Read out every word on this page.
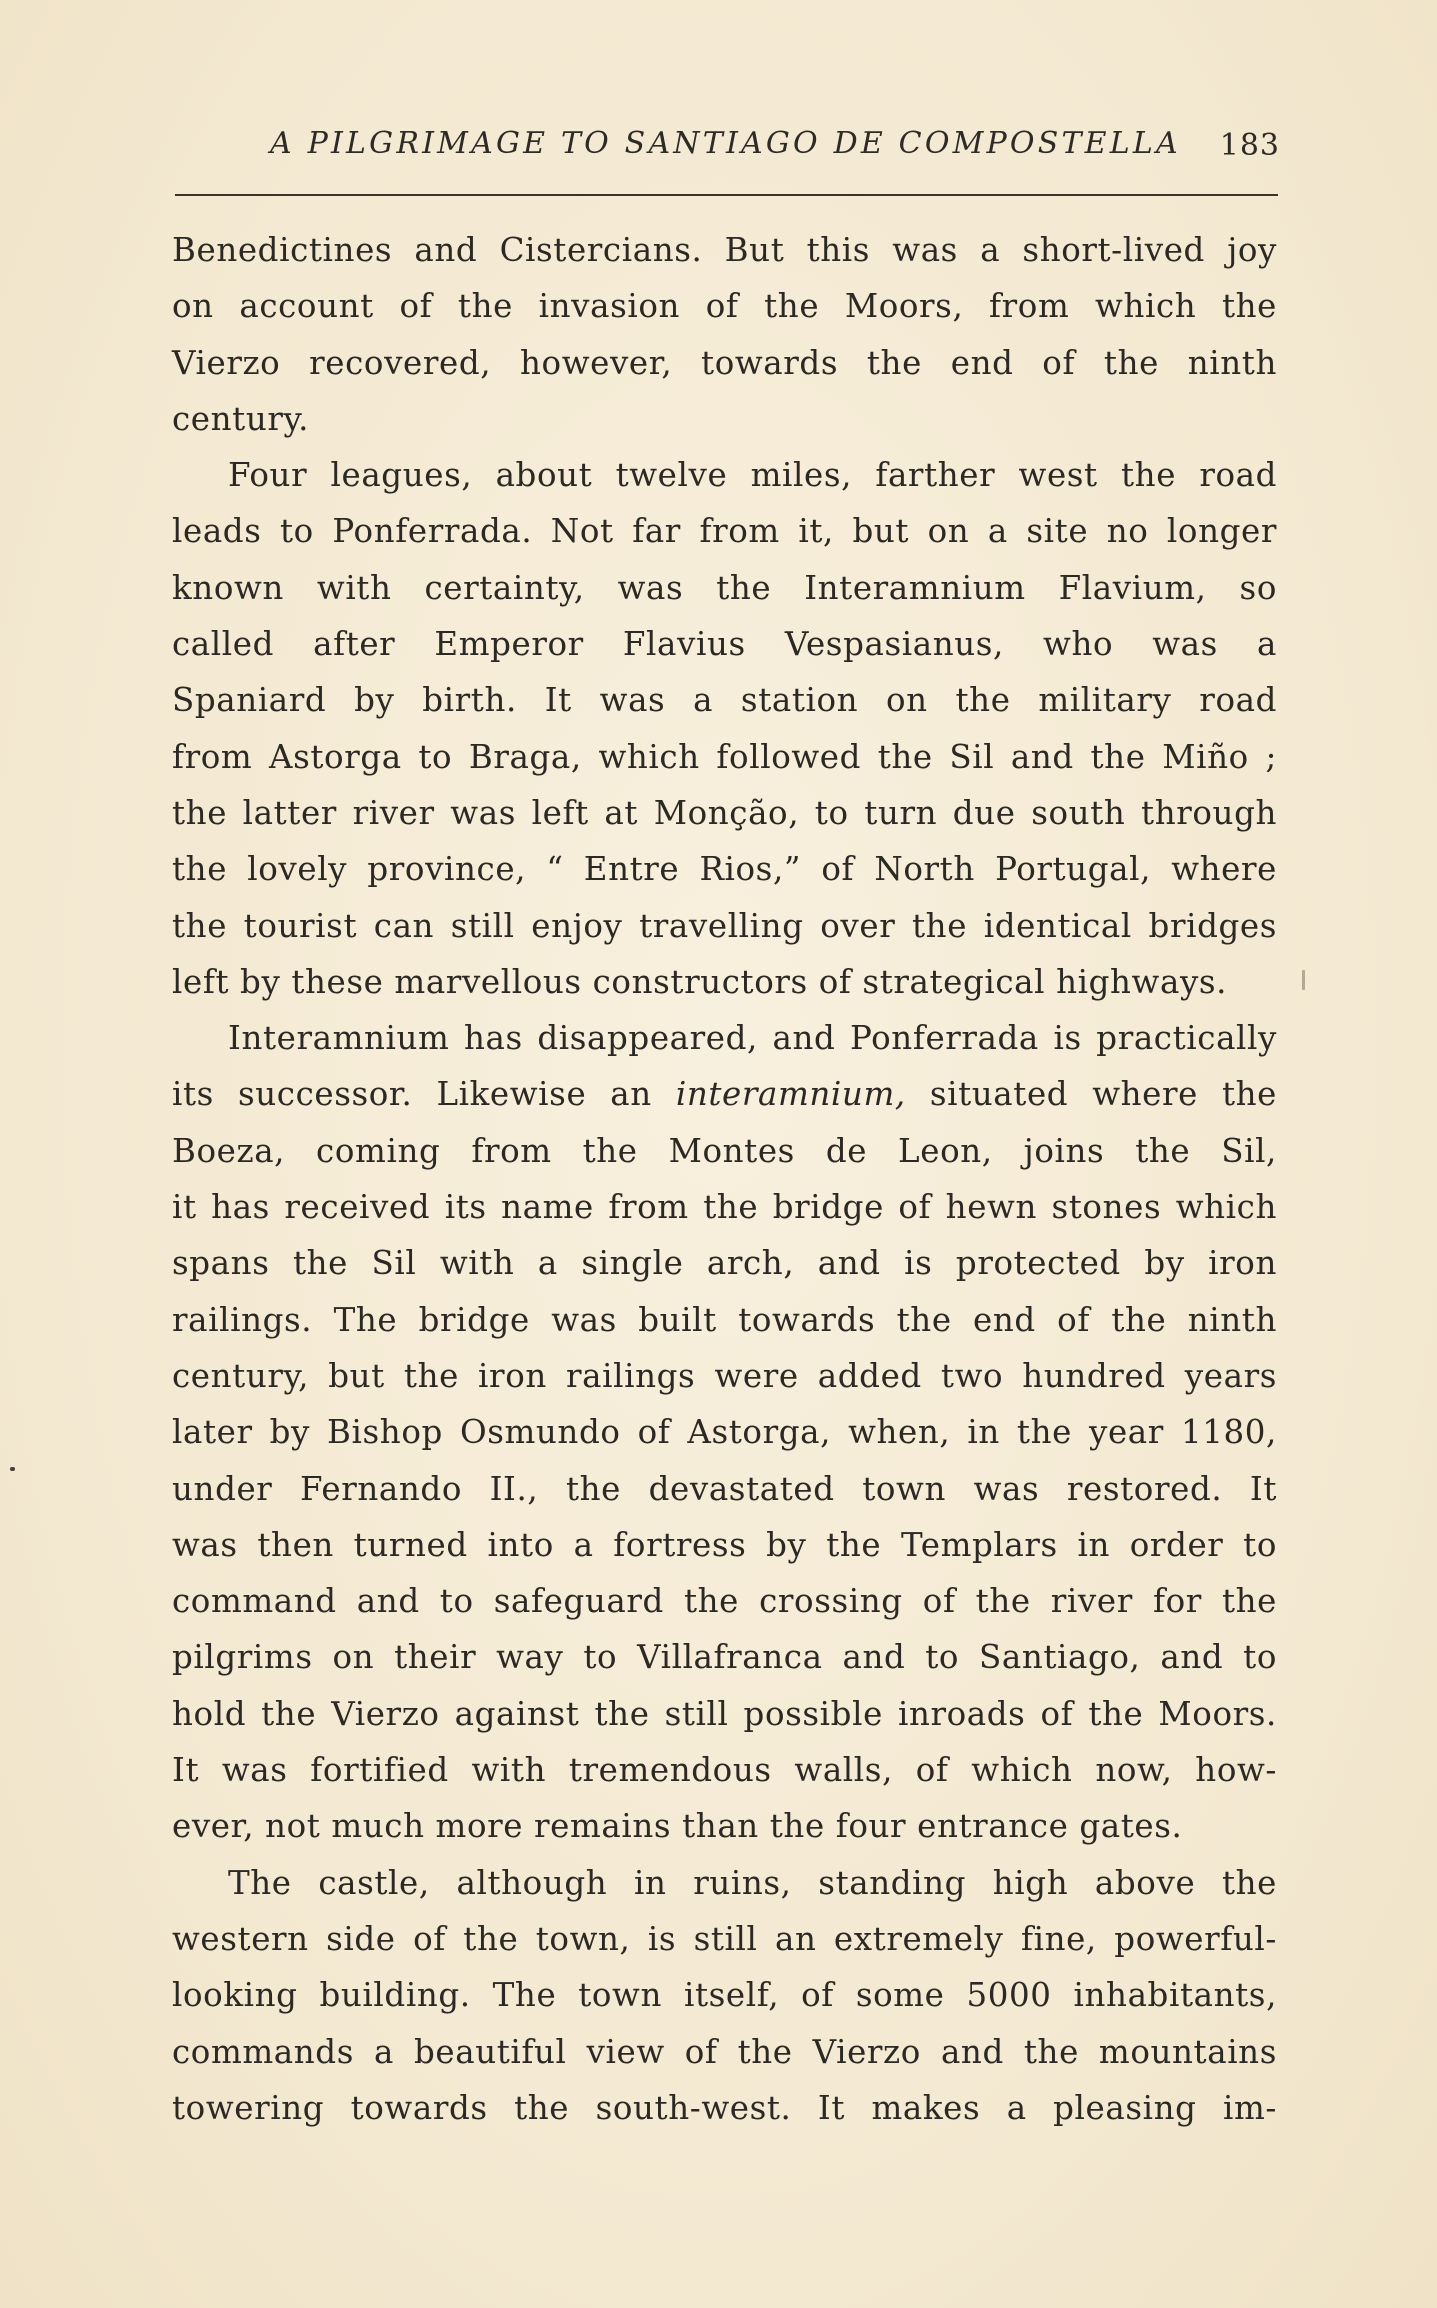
A PILGRIMAGE TO SANTIAGO DE COMPOSTELLA 183
Benedictines and Cistercians. But this was a short-lived joy
on account of the invasion of the Moors, from which the
Vierzo recovered, however, towards the end of the ninth
century.
Four leagues, about twelve miles, farther west the road
leads to Ponferrada. Not far from it, but on a site no longer
known with certainty, was the Interamnium Flavium, so
called after Emperor Flavius Vespasianus, who was a
Spaniard by birth. It was a station on the military road
from Astorga to Braga, which followed the Sil and the Miño ;
the latter river was left at Monção, to turn due south through
the lovely province, “ Entre Rios,” of North Portugal, where
the tourist can still enjoy travelling over the identical bridges
left by these marvellous constructors of strategical highways.
Interamnium has disappeared, and Ponferrada is practically
its successor. Likewise an interamnium, situated where the
Boeza, coming from the Montes de Leon, joins the Sil,
it has received its name from the bridge of hewn stones which
spans the Sil with a single arch, and is protected by iron
railings. The bridge was built towards the end of the ninth
century, but the iron railings were added two hundred years
later by Bishop Osmundo of Astorga, when, in the year 1180,
under Fernando II., the devastated town was restored. It
was then turned into a fortress by the Templars in order to
command and to safeguard the crossing of the river for the
pilgrims on their way to Villafranca and to Santiago, and to
hold the Vierzo against the still possible inroads of the Moors.
It was fortified with tremendous walls, of which now, how-
ever, not much more remains than the four entrance gates.
The castle, although in ruins, standing high above the
western side of the town, is still an extremely fine, powerful-
looking building. The town itself, of some 5000 inhabitants,
commands a beautiful view of the Vierzo and the mountains
towering towards the south-west. It makes a pleasing im-
